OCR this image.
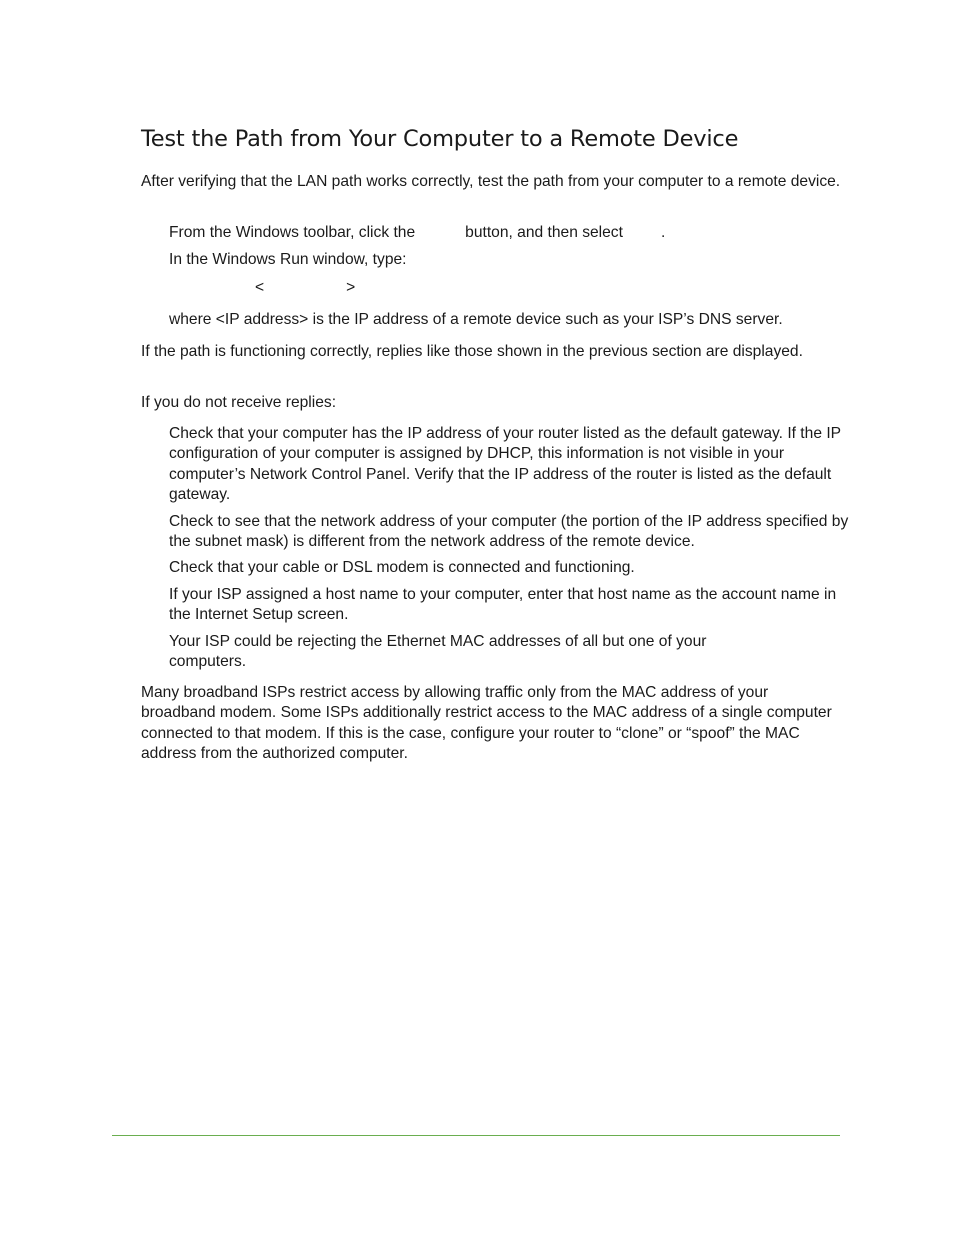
Test the Path from Your Computer to a Remote Device

After verifying that the LAN path works correctly, test the path from your computer to a remote device.

From the Windows toolbar, click the	button, and then select .

In the Windows Run window, type:

<	>

where <IP address> is the IP address of a remote device such as your ISP’s DNS server.

If the path is functioning correctly, replies like those shown in the previous section are displayed.

If you do not receive replies:

Check that your computer has the IP address of your router listed as the default gateway. If the IP configuration of your computer is assigned by DHCP, this information is not visible in your computer’s Network Control Panel. Verify that the IP address of the router is listed as the default gateway.

Check to see that the network address of your computer (the portion of the IP address specified by the subnet mask) is different from the network address of the remote device.

Check that your cable or DSL modem is connected and functioning.

If your ISP assigned a host name to your computer, enter that host name as the account name in the Internet Setup screen.

Your ISP could be rejecting the Ethernet MAC addresses of all but one of your computers.

Many broadband ISPs restrict access by allowing traffic only from the MAC address of your broadband modem. Some ISPs additionally restrict access to the MAC address of a single computer connected to that modem. If this is the case, configure your router to “clone” or “spoof” the MAC address from the authorized computer.
